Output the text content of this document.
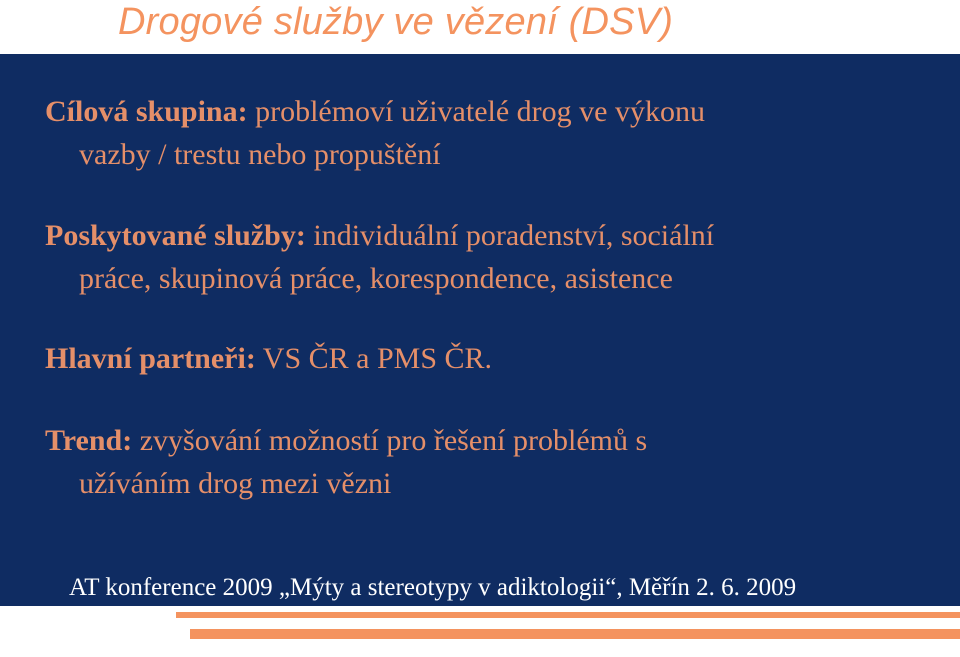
Drogové služby ve vězení (DSV)
Cílová skupina: problémoví uživatelé drog ve výkonu
vazby / trestu nebo propuštění
Poskytované služby: individuální poradenství, sociální
práce, skupinová práce, korespondence, asistence
Hlavní partneři: VS ČR a PMS ČR.
Trend: zvyšování možností pro řešení problémů s
užíváním drog mezi vězni

AT konference 2009 „Mýty a stereotypy v adiktologii“, Měřín 2. 6. 2009
